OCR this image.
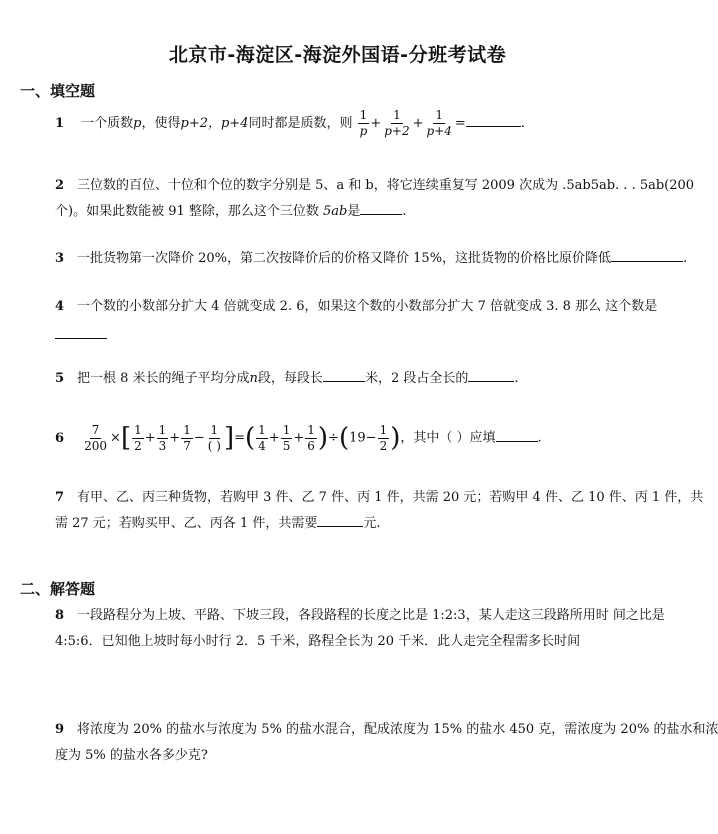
北京市-海淀区-海淀外国语-分班考试卷
一、填空题
1 一个质数p，使得p+2，p+4同时都是质数，则 $\frac{1}{p} + \frac{1}{p+2} + \frac{1}{p+4}$ =	.
2 三位数的百位、十位和个位的数字分别是 5、a 和 b，将它连续重复写 2009 次成为 .5ab5ab. . . 5ab(200
个)。如果此数能被 91 整除，那么这个三位数 5ab是	.
3 一批货物第一次降价 20%，第二次按降价后的价格又降价 15%，这批货物的价格比原价降低	.
4 一个数的小数部分扩大 4 倍就变成 2. 6，如果这个数的小数部分扩大 7 倍就变成 3. 8 那么 这个数是
5 把一根 8 米长的绳子平均分成n段，每段长	米，2 段占全长的	.
$6 \frac{7}{200}$ ×[ $\frac{1}{2} + \frac{1}{3} + \frac{1}{7} - \frac{1}{( )}$ ]=( $\frac{1}{4} + \frac{1}{5} + \frac{1}{6} )\div(19- \frac{1}{2}$ )，其中（ ）应填	.
7 有甲、乙、丙三种货物，若购甲 3 件、乙 7 件、丙 1 件，共需 20 元；若购甲 4 件、乙 10 件、丙 1 件，共
需 27 元；若购买甲、乙、丙各 1 件，共需要	元.
二、解答题
8 一段路程分为上坡、平路、下坡三段，各段路程的长度之比是 1:2:3，某人走这三段路所用时 间之比是
4:5:6．已知他上坡时每小时行 2．5 千米，路程全长为 20 千米．此人走完全程需多长时间
9 将浓度为 20% 的盐水与浓度为 5% 的盐水混合，配成浓度为 15% 的盐水 450 克，需浓度为 20% 的盐水和浓
度为 5% 的盐水各多少克?
